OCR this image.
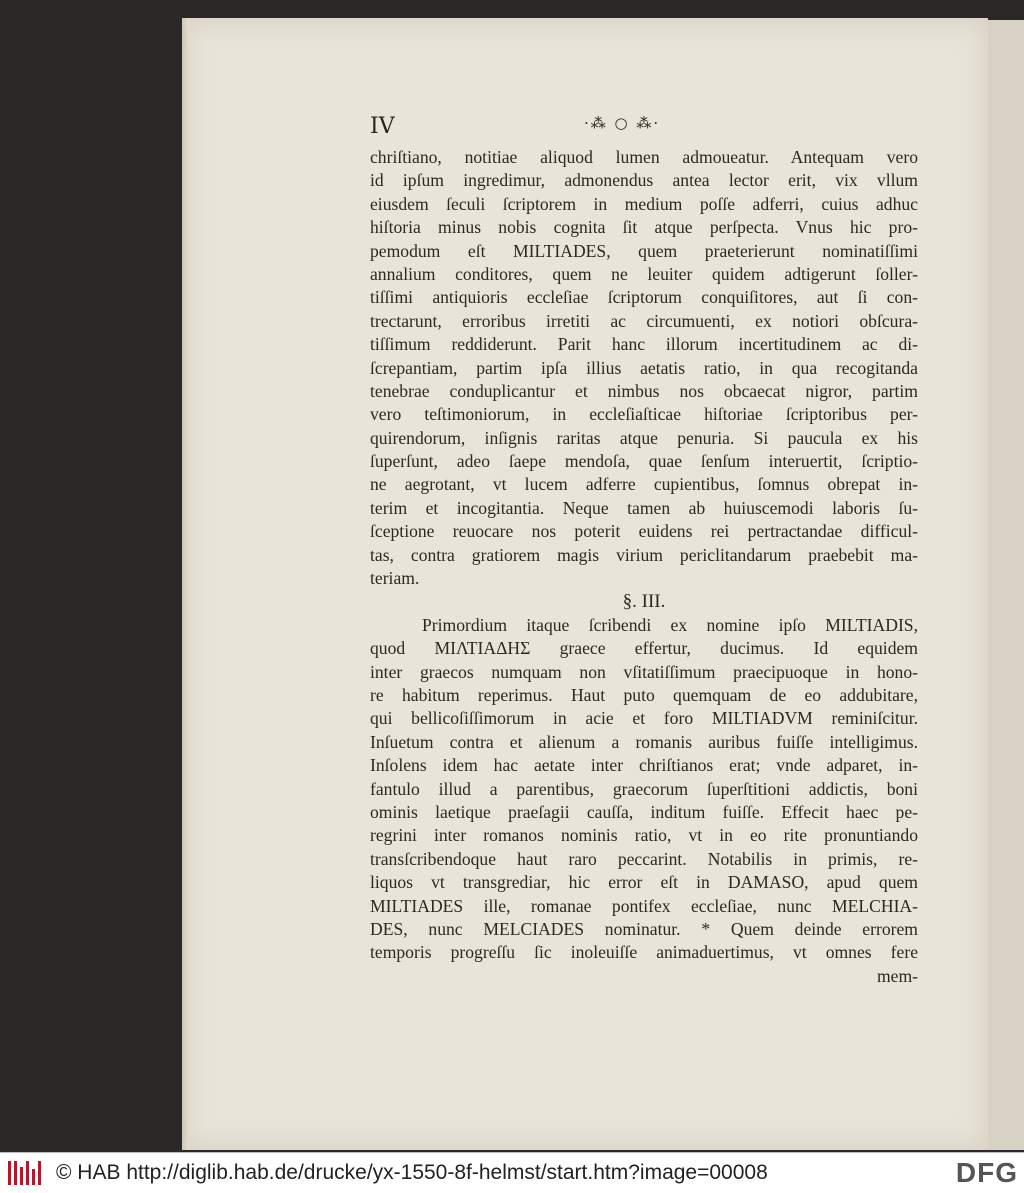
IV	·⁂ ○ ⁂·
chriſtiano, notitiae aliquod lumen admoueatur. Antequam vero
id ipſum ingredimur, admonendus antea lector erit, vix vllum
eiusdem ſeculi ſcriptorem in medium poſſe adferri, cuius adhuc
hiſtoria minus nobis cognita ſit atque perſpecta. Vnus hic pro-
pemodum eſt MILTIADES, quem praeterierunt nominatiſſimi
annalium conditores, quem ne leuiter quidem adtigerunt ſoller-
tiſſimi antiquioris eccleſiae ſcriptorum conquiſitores, aut ſi con-
trectarunt, erroribus irretiti ac circumuenti, ex notiori obſcura-
tiſſimum reddiderunt. Parit hanc illorum incertitudinem ac di-
ſcrepantiam, partim ipſa illius aetatis ratio, in qua recogitanda
tenebrae conduplicantur et nimbus nos obcaecat nigror, partim
vero teſtimoniorum, in eccleſiaſticae hiſtoriae ſcriptoribus per-
quirendorum, inſignis raritas atque penuria. Si paucula ex his
ſuperſunt, adeo ſaepe mendoſa, quae ſenſum interuertit, ſcriptio-
ne aegrotant, vt lucem adferre cupientibus, ſomnus obrepat in-
terim et incogitantia. Neque tamen ab huiuscemodi laboris ſu-
ſceptione reuocare nos poterit euidens rei pertractandae difficul-
tas, contra gratiorem magis virium periclitandarum praebebit ma-
teriam.
§. III.
Primordium itaque ſcribendi ex nomine ipſo MILTIADIS,
quod ΜΙΛΤΙΑΔΗΣ graece effertur, ducimus. Id equidem
inter graecos numquam non vſitatiſſimum praecipuoque in hono-
re habitum reperimus. Haut puto quemquam de eo addubitare,
qui bellicoſiſſimorum in acie et foro MILTIADVM reminiſcitur.
Inſuetum contra et alienum a romanis auribus fuiſſe intelligimus.
Inſolens idem hac aetate inter chriſtianos erat; vnde adparet, in-
fantulo illud a parentibus, graecorum ſuperſtitioni addictis, boni
ominis laetique praeſagii cauſſa, inditum fuiſſe. Effecit haec pe-
regrini inter romanos nominis ratio, vt in eo rite pronuntiando
transſcribendoque haut raro peccarint. Notabilis in primis, re-
liquos vt transgrediar, hic error eſt in DAMASO, apud quem
MILTIADES ille, romanae pontifex eccleſiae, nunc MELCHIA-
DES, nunc MELCIADES nominatur. * Quem deinde errorem
temporis progreſſu ſic inoleuiſſe animaduertimus, vt omnes fere
mem-
© HAB http://diglib.hab.de/drucke/yx-1550-8f-helmst/start.htm?image=00008	DFG
